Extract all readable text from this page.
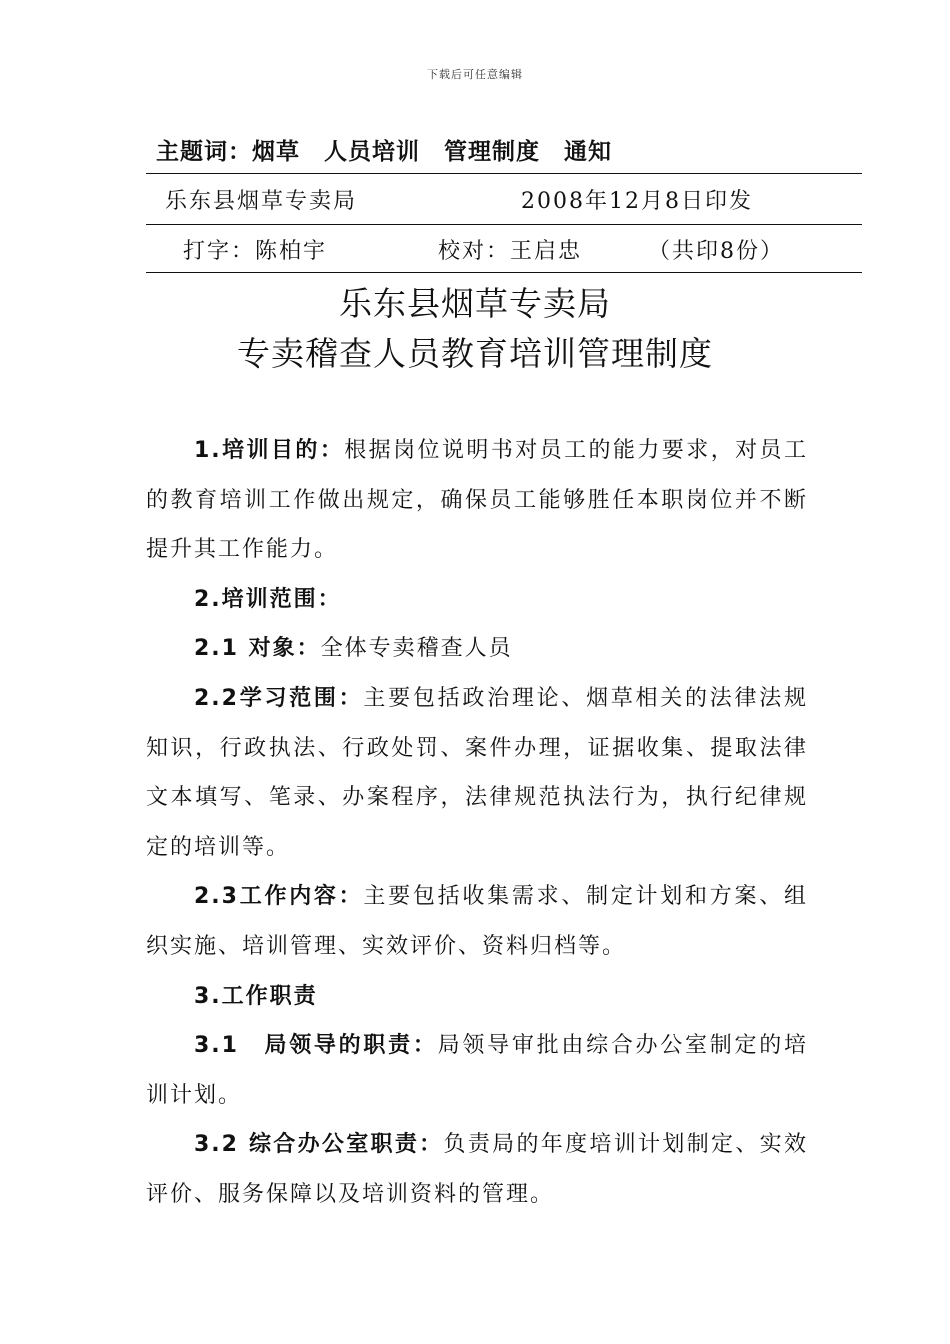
下载后可任意编辑
主题词：烟草　人员培训　管理制度　通知
乐东县烟草专卖局	2008年12月8日印发
打字：陈柏宇	校对：王启忠	（共印8份）
乐东县烟草专卖局
专卖稽查人员教育培训管理制度

1.培训目的：根据岗位说明书对员工的能力要求，对员工的教育培训工作做出规定，确保员工能够胜任本职岗位并不断提升其工作能力。

2.培训范围：

2.1 对象：全体专卖稽查人员

2.2学习范围：主要包括政治理论、烟草相关的法律法规知识，行政执法、行政处罚、案件办理，证据收集、提取法律文本填写、笔录、办案程序，法律规范执法行为，执行纪律规定的培训等。

2.3工作内容：主要包括收集需求、制定计划和方案、组织实施、培训管理、实效评价、资料归档等。

3.工作职责

3.1　局领导的职责：局领导审批由综合办公室制定的培训计划。

3.2 综合办公室职责：负责局的年度培训计划制定、实效评价、服务保障以及培训资料的管理。
